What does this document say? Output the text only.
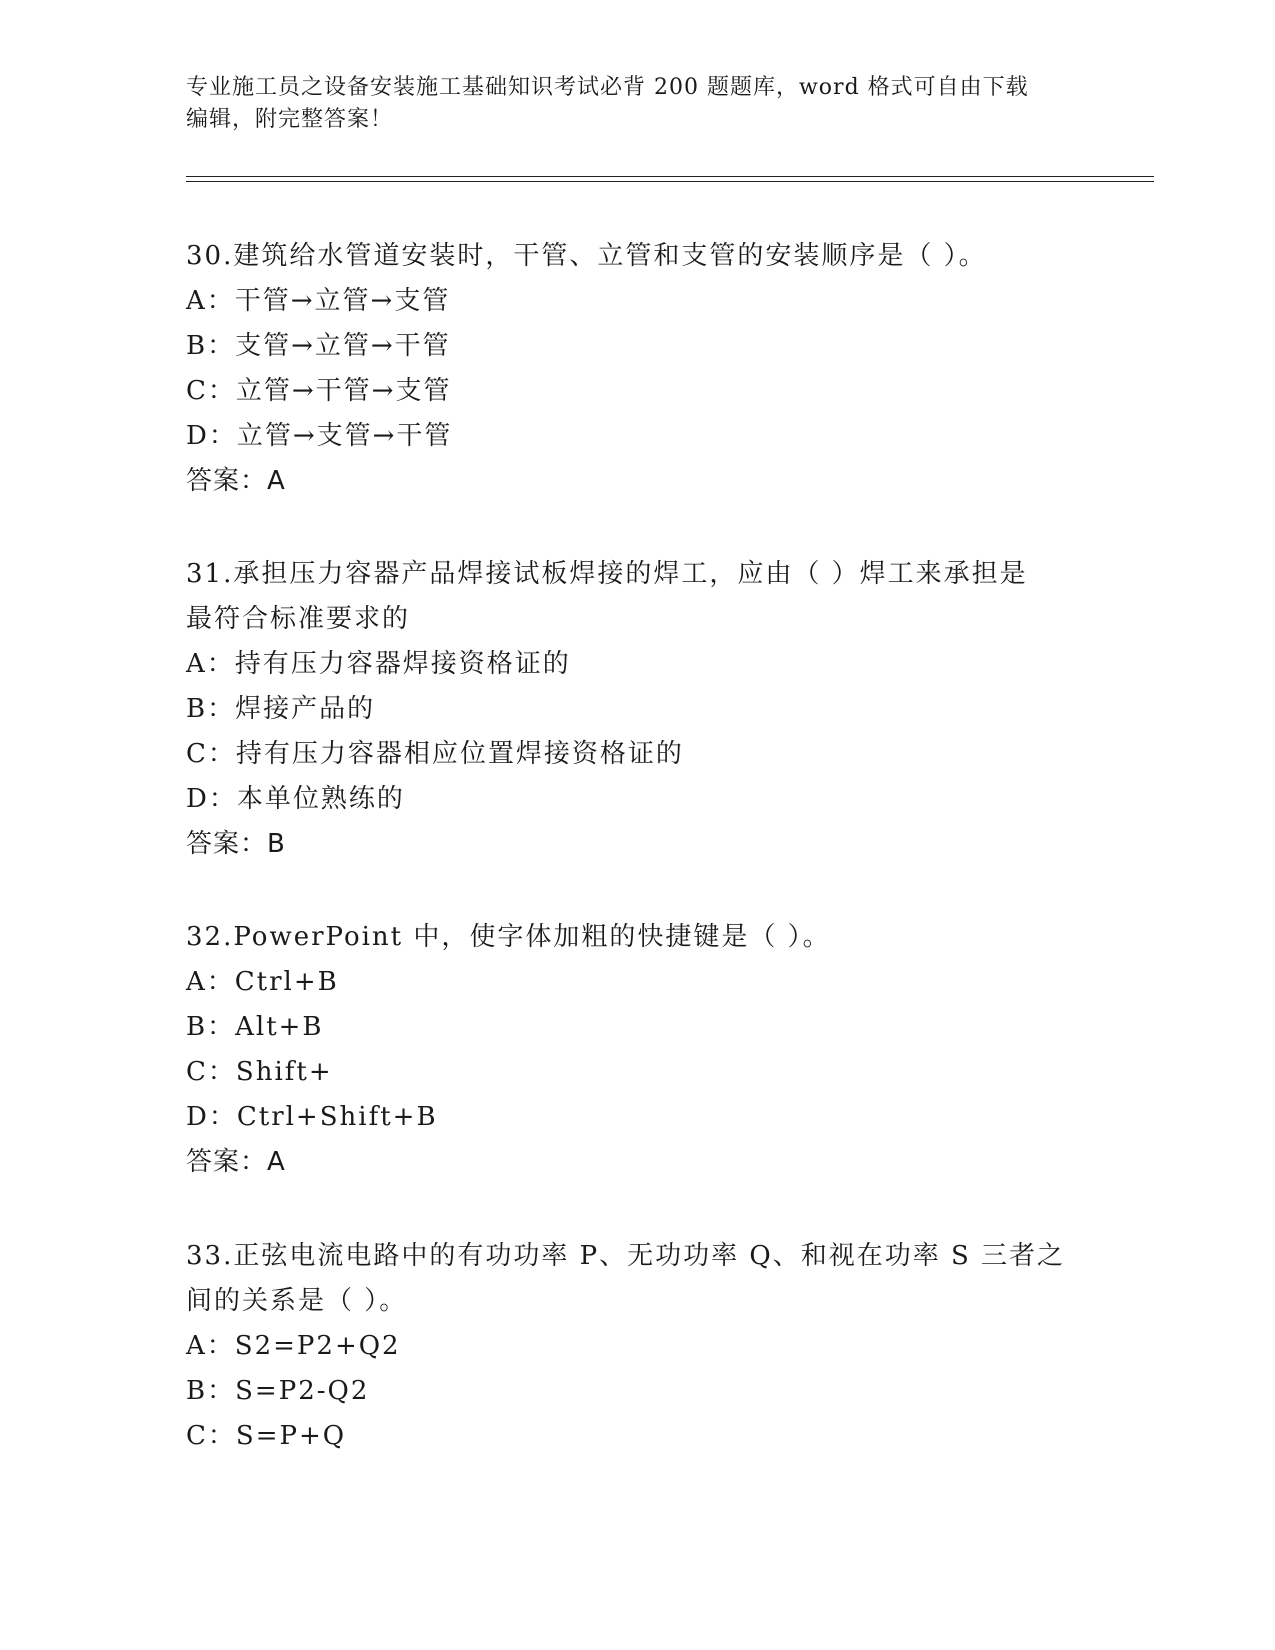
专业施工员之设备安装施工基础知识考试必背 200 题题库，word 格式可自由下载
编辑，附完整答案！
30.建筑给水管道安装时，干管、立管和支管的安装顺序是（ ）。
A：干管→立管→支管
B：支管→立管→干管
C：立管→干管→支管
D：立管→支管→干管
答案：A
31.承担压力容器产品焊接试板焊接的焊工，应由（ ）焊工来承担是
最符合标准要求的
A：持有压力容器焊接资格证的
B：焊接产品的
C：持有压力容器相应位置焊接资格证的
D：本单位熟练的
答案：B
32.PowerPoint 中，使字体加粗的快捷键是（ ）。
A：Ctrl+B
B：Alt+B
C：Shift+
D：Ctrl+Shift+B
答案：A
33.正弦电流电路中的有功功率 P、无功功率 Q、和视在功率 S 三者之
间的关系是（ ）。
A：S2=P2+Q2
B：S=P2-Q2
C：S=P+Q
